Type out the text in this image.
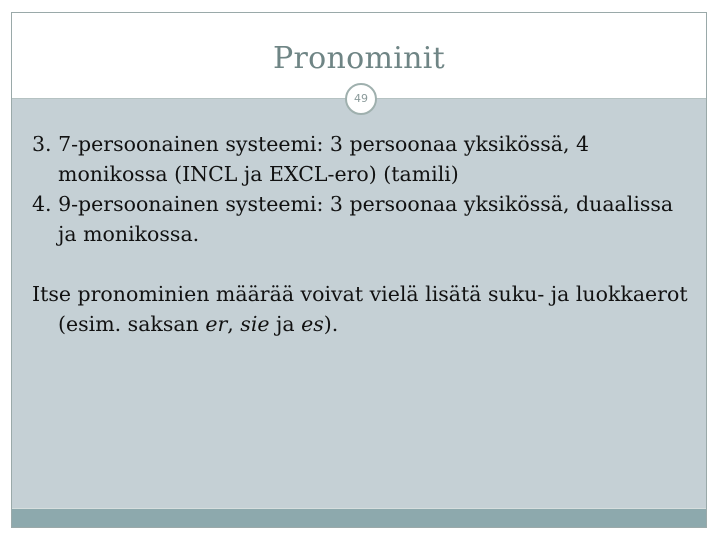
Pronominit
49

3. 7-persoonainen systeemi: 3 persoonaa yksikössä, 4 monikossa (INCL ja EXCL-ero) (tamili)

4. 9-persoonainen systeemi: 3 persoonaa yksikössä, duaalissa ja monikossa.

Itse pronominien määrää voivat vielä lisätä suku- ja luokkaerot (esim. saksan er, sie ja es).
